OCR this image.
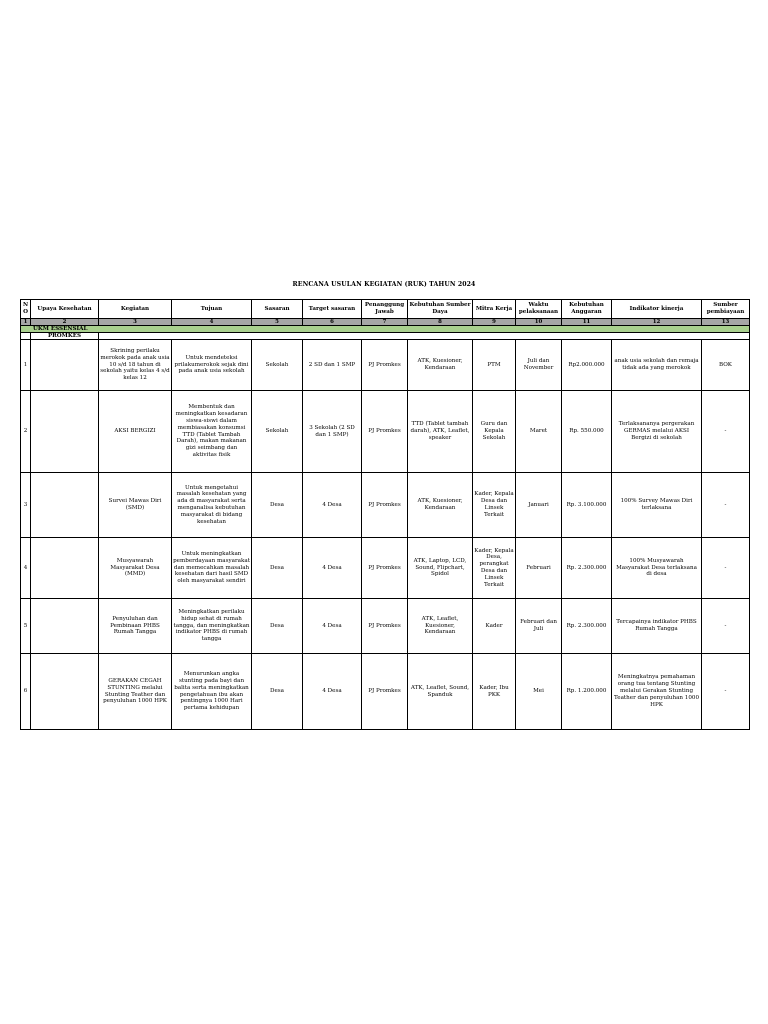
RENCANA USULAN KEGIATAN (RUK) TAHUN 2024
NO	Upaya Kesehatan	Kegiatan	Tujuan	Sasaran	Target sasaran	Penanggung Jawab	Kebutuhan Sumber Daya	Mitra Kerja	Waktu pelaksanaan	Kebutuhan Anggaran	Indikator kinerja	Sumber pembiayaan
1	2	3	4	5	6	7	8	9	10	11	12	13
UKM ESSENSIAL												
	PROMKES											
1		Skrining perilaku merokok pada anak usia 10 s/d 18 tahun di sekolah yaitu kelas 4 s/d kelas 12	Untuk mendeteksi prilakumerokok sejak dini pada anak usia sekolah	Sekolah	2 SD dan 1 SMP	PJ Promkes	ATK, Kuesioner, Kendaraan	PTM	Juli dan November	Rp2.000.000	anak usia sekolah dan remaja tidak ada yang merokok	BOK
2		AKSI BERGIZI	Membentuk dan meningkatkan kesadaran siswa-siswi dalam membiasakan konsumsi TTD (Tablet Tambah Darah), makan makanan gizi seimbang dan aktivitas fisik	Sekolah	3 Sekolah (2 SD dan 1 SMP)	PJ Promkes	TTD (Tablet tambah darah), ATK, Leaflet, speaker	Guru dan Kepala Sekolah	Maret	Rp. 550.000	Terlaksananya pergerakan GERMAS melalui AKSI Bergizi di sekolah	-
3		Survei Mawas Diri (SMD)	Untuk mengetahui masalah kesehatan yang ada di masyarakat serta menganalisa kebutuhan masyarakat di bidang kesehatan	Desa	4 Desa	PJ Promkes	ATK, Kuesioner, Kendaraan	Kader, Kepala Desa dan Linsek Terkait	Januari	Rp. 3.100.000	100% Survey Mawas Diri terlaksana	-
4		Musyawarah Masyarakat Desa (MMD)	Untuk meningkatkan pemberdayaan masyarakat dan memecahkan masalah kesehatan dari hasil SMD oleh masyarakat sendiri	Desa	4 Desa	PJ Promkes	ATK, Laptop, LCD, Sound, Flipchart, Spidol	Kader, Kepala Desa, perangkat Desa dan Linsek Terkait	Februari	Rp. 2.300.000	100% Musyawarah Masyarakat Desa terlaksana di desa	-
5		Penyuluhan dan Pembinaan PHBS Rumah Tangga	Meningkatkan perilaku hidup sehat di rumah tangga, dan meningkatkan indikator PHBS di rumah tangga	Desa	4 Desa	PJ Promkes	ATK, Leaflet, Kuesioner, Kendaraan	Kader	Februari dan Juli	Rp. 2.300.000	Tercapainya indikator PHBS Rumah Tangga	-
6		GERAKAN CEGAH STUNTING melalui Stunting Teather dan penyuluhan 1000 HPK	Menurunkan angka stunting pada bayi dan balita serta meningkatkan pengetahuan ibu akan pentingnya 1000 Hari pertama kehidupan	Desa	4 Desa	PJ Promkes	ATK, Leaflet, Sound, Spanduk	Kader, Ibu PKK	Mei	Rp. 1.200.000	Meningkatnya pemahaman orang tua tentang Stunting melalui Gerakan Stunting Teather dan penyuluhan 1000 HPK	-
